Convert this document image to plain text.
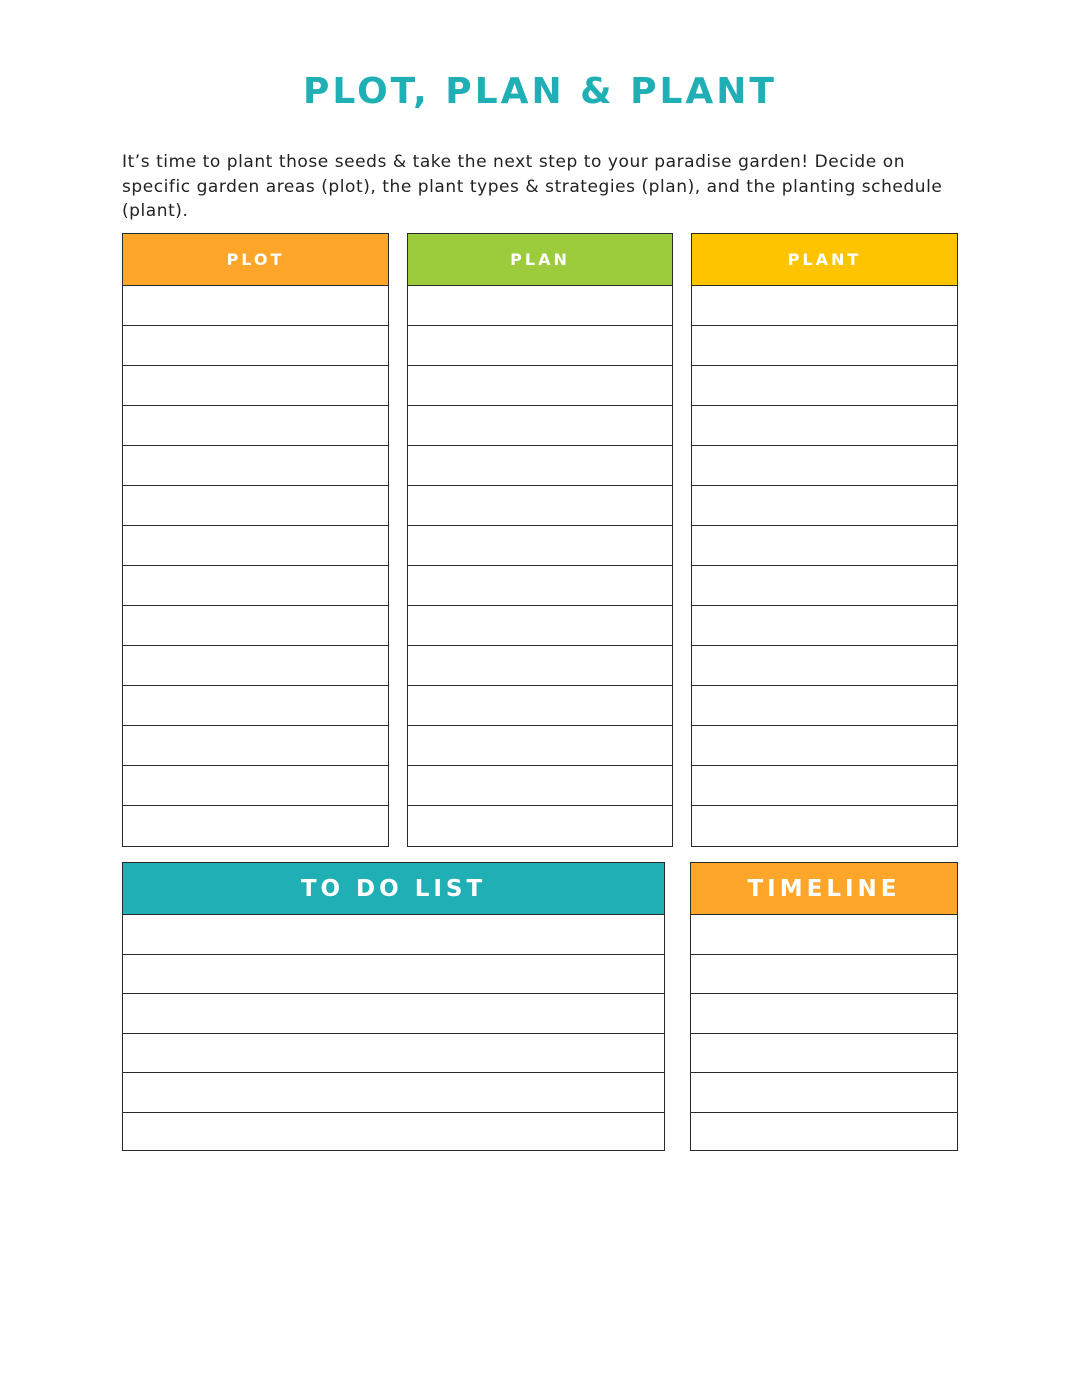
PLOT, PLAN & PLANT

It’s time to plant those seeds & take the next step to your paradise garden! Decide on specific garden areas (plot), the plant types & strategies (plan), and the planting schedule (plant).

PLOT	PLAN	PLANT
TO DO LIST	TIMELINE
